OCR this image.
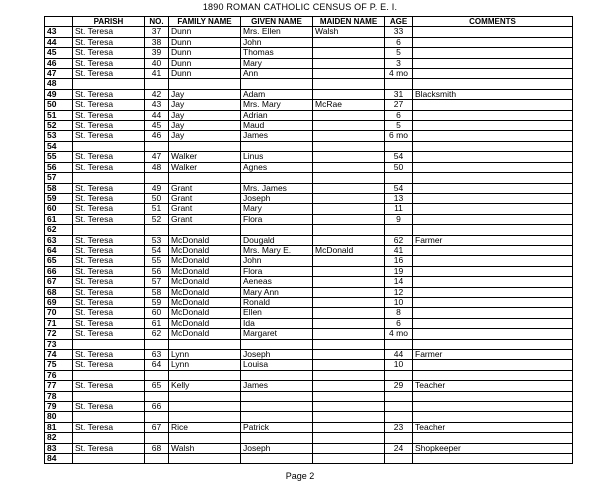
1890 ROMAN CATHOLIC CENSUS OF P. E. I.
	PARISH	NO.	FAMILY NAME	GIVEN NAME	MAIDEN NAME	AGE	COMMENTS
43	St. Teresa	37	Dunn	Mrs. Ellen	Walsh	33	
44	St. Teresa	38	Dunn	John		6	
45	St. Teresa	39	Dunn	Thomas		5	
46	St. Teresa	40	Dunn	Mary		3	
47	St. Teresa	41	Dunn	Ann		4 mo	
48							
49	St. Teresa	42	Jay	Adam		31	Blacksmith
50	St. Teresa	43	Jay	Mrs. Mary	McRae	27	
51	St. Teresa	44	Jay	Adrian		6	
52	St. Teresa	45	Jay	Maud		5	
53	St. Teresa	46	Jay	James		6 mo	
54							
55	St. Teresa	47	Walker	Linus		54	
56	St. Teresa	48	Walker	Agnes		50	
57							
58	St. Teresa	49	Grant	Mrs. James		54	
59	St. Teresa	50	Grant	Joseph		13	
60	St. Teresa	51	Grant	Mary		11	
61	St. Teresa	52	Grant	Flora		9	
62							
63	St. Teresa	53	McDonald	Dougald		62	Farmer
64	St. Teresa	54	McDonald	Mrs. Mary E.	McDonald	41	
65	St. Teresa	55	McDonald	John		16	
66	St. Teresa	56	McDonald	Flora		19	
67	St. Teresa	57	McDonald	Aeneas		14	
68	St. Teresa	58	McDonald	Mary Ann		12	
69	St. Teresa	59	McDonald	Ronald		10	
70	St. Teresa	60	McDonald	Ellen		8	
71	St. Teresa	61	McDonald	Ida		6	
72	St. Teresa	62	McDonald	Margaret		4 mo	
73							
74	St. Teresa	63	Lynn	Joseph		44	Farmer
75	St. Teresa	64	Lynn	Louisa		10	
76							
77	St. Teresa	65	Kelly	James		29	Teacher
78							
79	St. Teresa	66					
80							
81	St. Teresa	67	Rice	Patrick		23	Teacher
82							
83	St. Teresa	68	Walsh	Joseph		24	Shopkeeper
84							
Page 2
